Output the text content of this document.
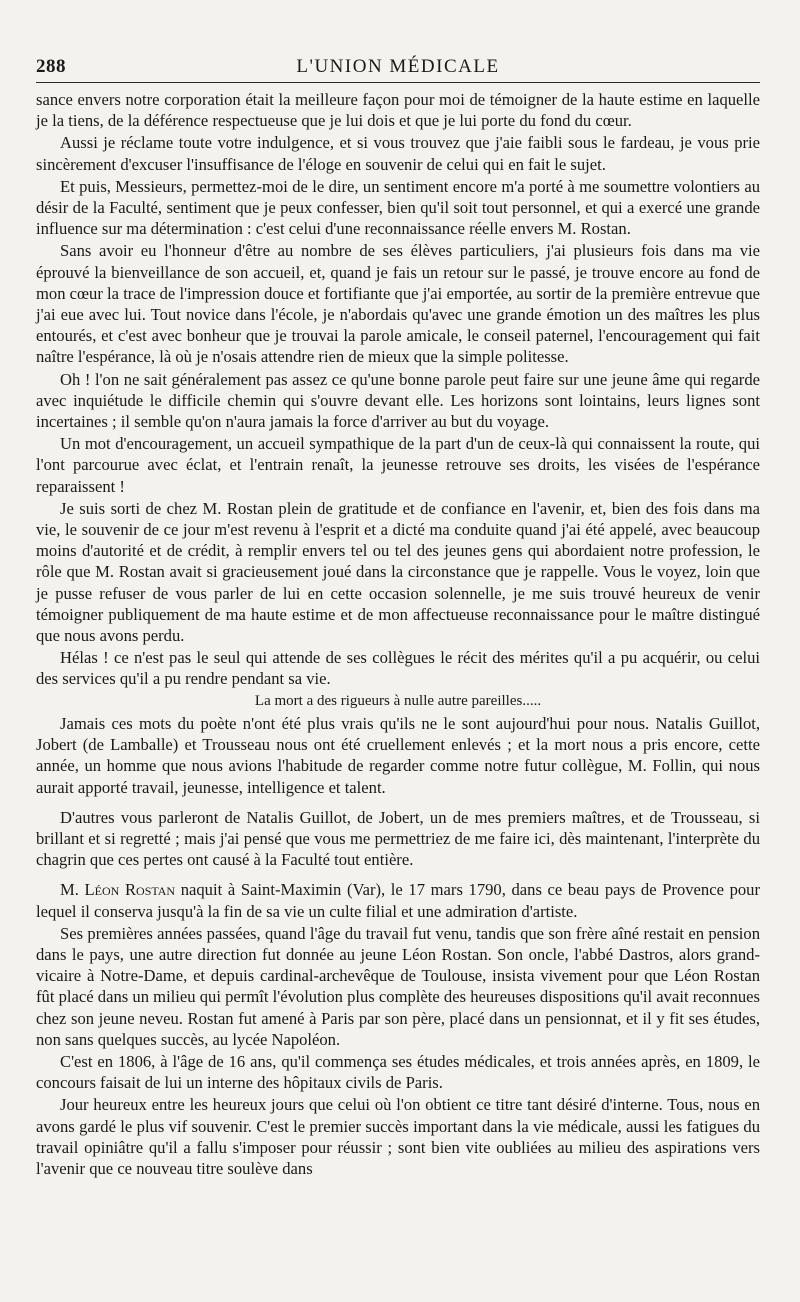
288	L'UNION MÉDICALE

sance envers notre corporation était la meilleure façon pour moi de témoigner de la haute estime en laquelle je la tiens, de la déférence respectueuse que je lui dois et que je lui porte du fond du cœur.

Aussi je réclame toute votre indulgence, et si vous trouvez que j'aie faibli sous le fardeau, je vous prie sincèrement d'excuser l'insuffisance de l'éloge en souvenir de celui qui en fait le sujet.

Et puis, Messieurs, permettez-moi de le dire, un sentiment encore m'a porté à me soumettre volontiers au désir de la Faculté, sentiment que je peux confesser, bien qu'il soit tout personnel, et qui a exercé une grande influence sur ma détermination : c'est celui d'une reconnaissance réelle envers M. Rostan.

Sans avoir eu l'honneur d'être au nombre de ses élèves particuliers, j'ai plusieurs fois dans ma vie éprouvé la bienveillance de son accueil, et, quand je fais un retour sur le passé, je trouve encore au fond de mon cœur la trace de l'impression douce et fortifiante que j'ai emportée, au sortir de la première entrevue que j'ai eue avec lui. Tout novice dans l'école, je n'abordais qu'avec une grande émotion un des maîtres les plus entourés, et c'est avec bonheur que je trouvai la parole amicale, le conseil paternel, l'encouragement qui fait naître l'espérance, là où je n'osais attendre rien de mieux que la simple politesse.

Oh ! l'on ne sait généralement pas assez ce qu'une bonne parole peut faire sur une jeune âme qui regarde avec inquiétude le difficile chemin qui s'ouvre devant elle. Les horizons sont lointains, leurs lignes sont incertaines ; il semble qu'on n'aura jamais la force d'arriver au but du voyage.

Un mot d'encouragement, un accueil sympathique de la part d'un de ceux-là qui connaissent la route, qui l'ont parcourue avec éclat, et l'entrain renaît, la jeunesse retrouve ses droits, les visées de l'espérance reparaissent !

Je suis sorti de chez M. Rostan plein de gratitude et de confiance en l'avenir, et, bien des fois dans ma vie, le souvenir de ce jour m'est revenu à l'esprit et a dicté ma conduite quand j'ai été appelé, avec beaucoup moins d'autorité et de crédit, à remplir envers tel ou tel des jeunes gens qui abordaient notre profession, le rôle que M. Rostan avait si gracieusement joué dans la circonstance que je rappelle. Vous le voyez, loin que je pusse refuser de vous parler de lui en cette occasion solennelle, je me suis trouvé heureux de venir témoigner publiquement de ma haute estime et de mon affectueuse reconnaissance pour le maître distingué que nous avons perdu.

Hélas ! ce n'est pas le seul qui attende de ses collègues le récit des mérites qu'il a pu acquérir, ou celui des services qu'il a pu rendre pendant sa vie.

La mort a des rigueurs à nulle autre pareilles.....

Jamais ces mots du poète n'ont été plus vrais qu'ils ne le sont aujourd'hui pour nous. Natalis Guillot, Jobert (de Lamballe) et Trousseau nous ont été cruellement enlevés ; et la mort nous a pris encore, cette année, un homme que nous avions l'habitude de regarder comme notre futur collègue, M. Follin, qui nous aurait apporté travail, jeunesse, intelligence et talent.

D'autres vous parleront de Natalis Guillot, de Jobert, un de mes premiers maîtres, et de Trousseau, si brillant et si regretté ; mais j'ai pensé que vous me permettriez de me faire ici, dès maintenant, l'interprète du chagrin que ces pertes ont causé à la Faculté tout entière.

M. Léon Rostan naquit à Saint-Maximin (Var), le 17 mars 1790, dans ce beau pays de Provence pour lequel il conserva jusqu'à la fin de sa vie un culte filial et une admiration d'artiste.

Ses premières années passées, quand l'âge du travail fut venu, tandis que son frère aîné restait en pension dans le pays, une autre direction fut donnée au jeune Léon Rostan. Son oncle, l'abbé Dastros, alors grand-vicaire à Notre-Dame, et depuis cardinal-archevêque de Toulouse, insista vivement pour que Léon Rostan fût placé dans un milieu qui permît l'évolution plus complète des heureuses dispositions qu'il avait reconnues chez son jeune neveu. Rostan fut amené à Paris par son père, placé dans un pensionnat, et il y fit ses études, non sans quelques succès, au lycée Napoléon.

C'est en 1806, à l'âge de 16 ans, qu'il commença ses études médicales, et trois années après, en 1809, le concours faisait de lui un interne des hôpitaux civils de Paris.

Jour heureux entre les heureux jours que celui où l'on obtient ce titre tant désiré d'interne. Tous, nous en avons gardé le plus vif souvenir. C'est le premier succès important dans la vie médicale, aussi les fatigues du travail opiniâtre qu'il a fallu s'imposer pour réussir ; sont bien vite oubliées au milieu des aspirations vers l'avenir que ce nouveau titre soulève dans
